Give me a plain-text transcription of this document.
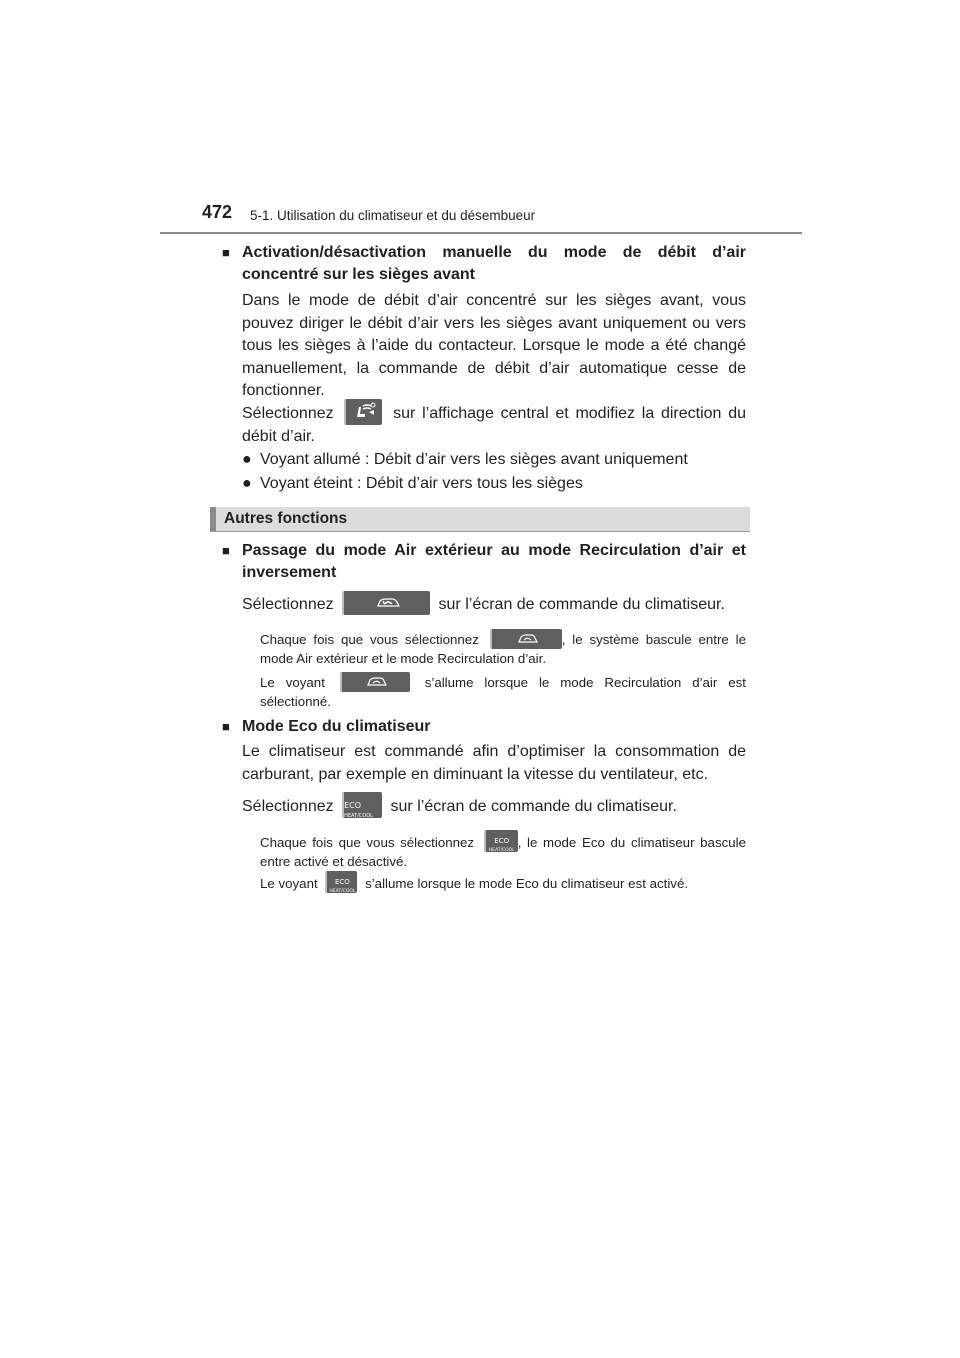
472 5-1. Utilisation du climatiseur et du désembueur
■ Activation/désactivation manuelle du mode de débit d’air concentré sur les sièges avant
Dans le mode de débit d’air concentré sur les sièges avant, vous pouvez diriger le débit d’air vers les sièges avant uniquement ou vers tous les sièges à l’aide du contacteur. Lorsque le mode a été changé manuellement, la commande de débit d’air automatique cesse de fonctionner.
Sélectionnez	sur l’affichage central et modifiez la direction du débit d’air.
● Voyant allumé : Débit d’air vers les sièges avant uniquement
● Voyant éteint : Débit d’air vers tous les sièges
Autres fonctions
■ Passage du mode Air extérieur au mode Recirculation d’air et inversement
Sélectionnez	sur l’écran de commande du climatiseur.
Chaque fois que vous sélectionnez	, le système bascule entre le mode Air extérieur et le mode Recirculation d’air.
Le voyant	s’allume lorsque le mode Recirculation d’air est sélectionné.
■ Mode Eco du climatiseur
Le climatiseur est commandé afin d’optimiser la consommation de carburant, par exemple en diminuant la vitesse du ventilateur, etc.
Sélectionnez ECO
HEAT/COOL
sur l’écran de commande du climatiseur.
Chaque fois que vous sélectionnez	ECO
HEAT/COOL
, le mode Eco du climatiseur bascule entre activé et désactivé.
Le voyant	ECO
HEAT/COOL
s’allume lorsque le mode Eco du climatiseur est activé.
